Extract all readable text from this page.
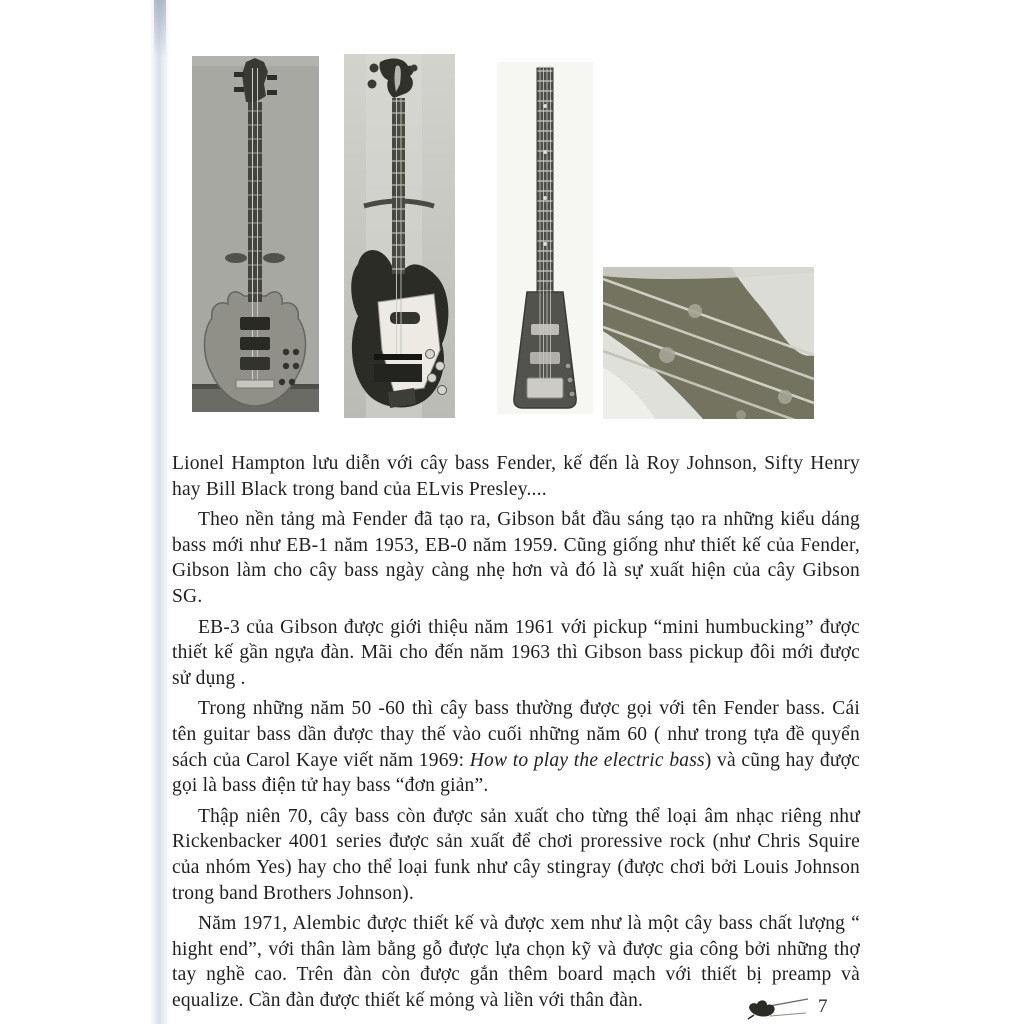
Lionel Hampton lưu diễn với cây bass Fender, kế đến là Roy Johnson, Sifty Henry hay Bill Black trong band của ELvis Presley....

Theo nền tảng mà Fender đã tạo ra, Gibson bắt đầu sáng tạo ra những kiểu dáng bass mới như EB-1 năm 1953, EB-0 năm 1959. Cũng giống như thiết kế của Fender, Gibson làm cho cây bass ngày càng nhẹ hơn và đó là sự xuất hiện của cây Gibson SG.

EB-3 của Gibson được giới thiệu năm 1961 với pickup “mini humbucking” được thiết kế gần ngựa đàn. Mãi cho đến năm 1963 thì Gibson bass pickup đôi mới được sử dụng .

Trong những năm 50 -60 thì cây bass thường được gọi với tên Fender bass. Cái tên guitar bass dần được thay thế vào cuối những năm 60 ( như trong tựa đề quyển sách của Carol Kaye viết năm 1969: How to play the electric bass) và cũng hay được gọi là bass điện tử hay bass “đơn giản”.

Thập niên 70, cây bass còn được sản xuất cho từng thể loại âm nhạc riêng như Rickenbacker 4001 series được sản xuất để chơi proressive rock (như Chris Squire của nhóm Yes) hay cho thể loại funk như cây stingray (được chơi bởi Louis Johnson trong band Brothers Johnson).

Năm 1971, Alembic được thiết kế và được xem như là một cây bass chất lượng “ hight end”, với thân làm bằng gỗ được lựa chọn kỹ và được gia công bởi những thợ tay nghề cao. Trên đàn còn được gắn thêm board mạch với thiết bị preamp và equalize. Cần đàn được thiết kế mỏng và liền với thân đàn.	7
